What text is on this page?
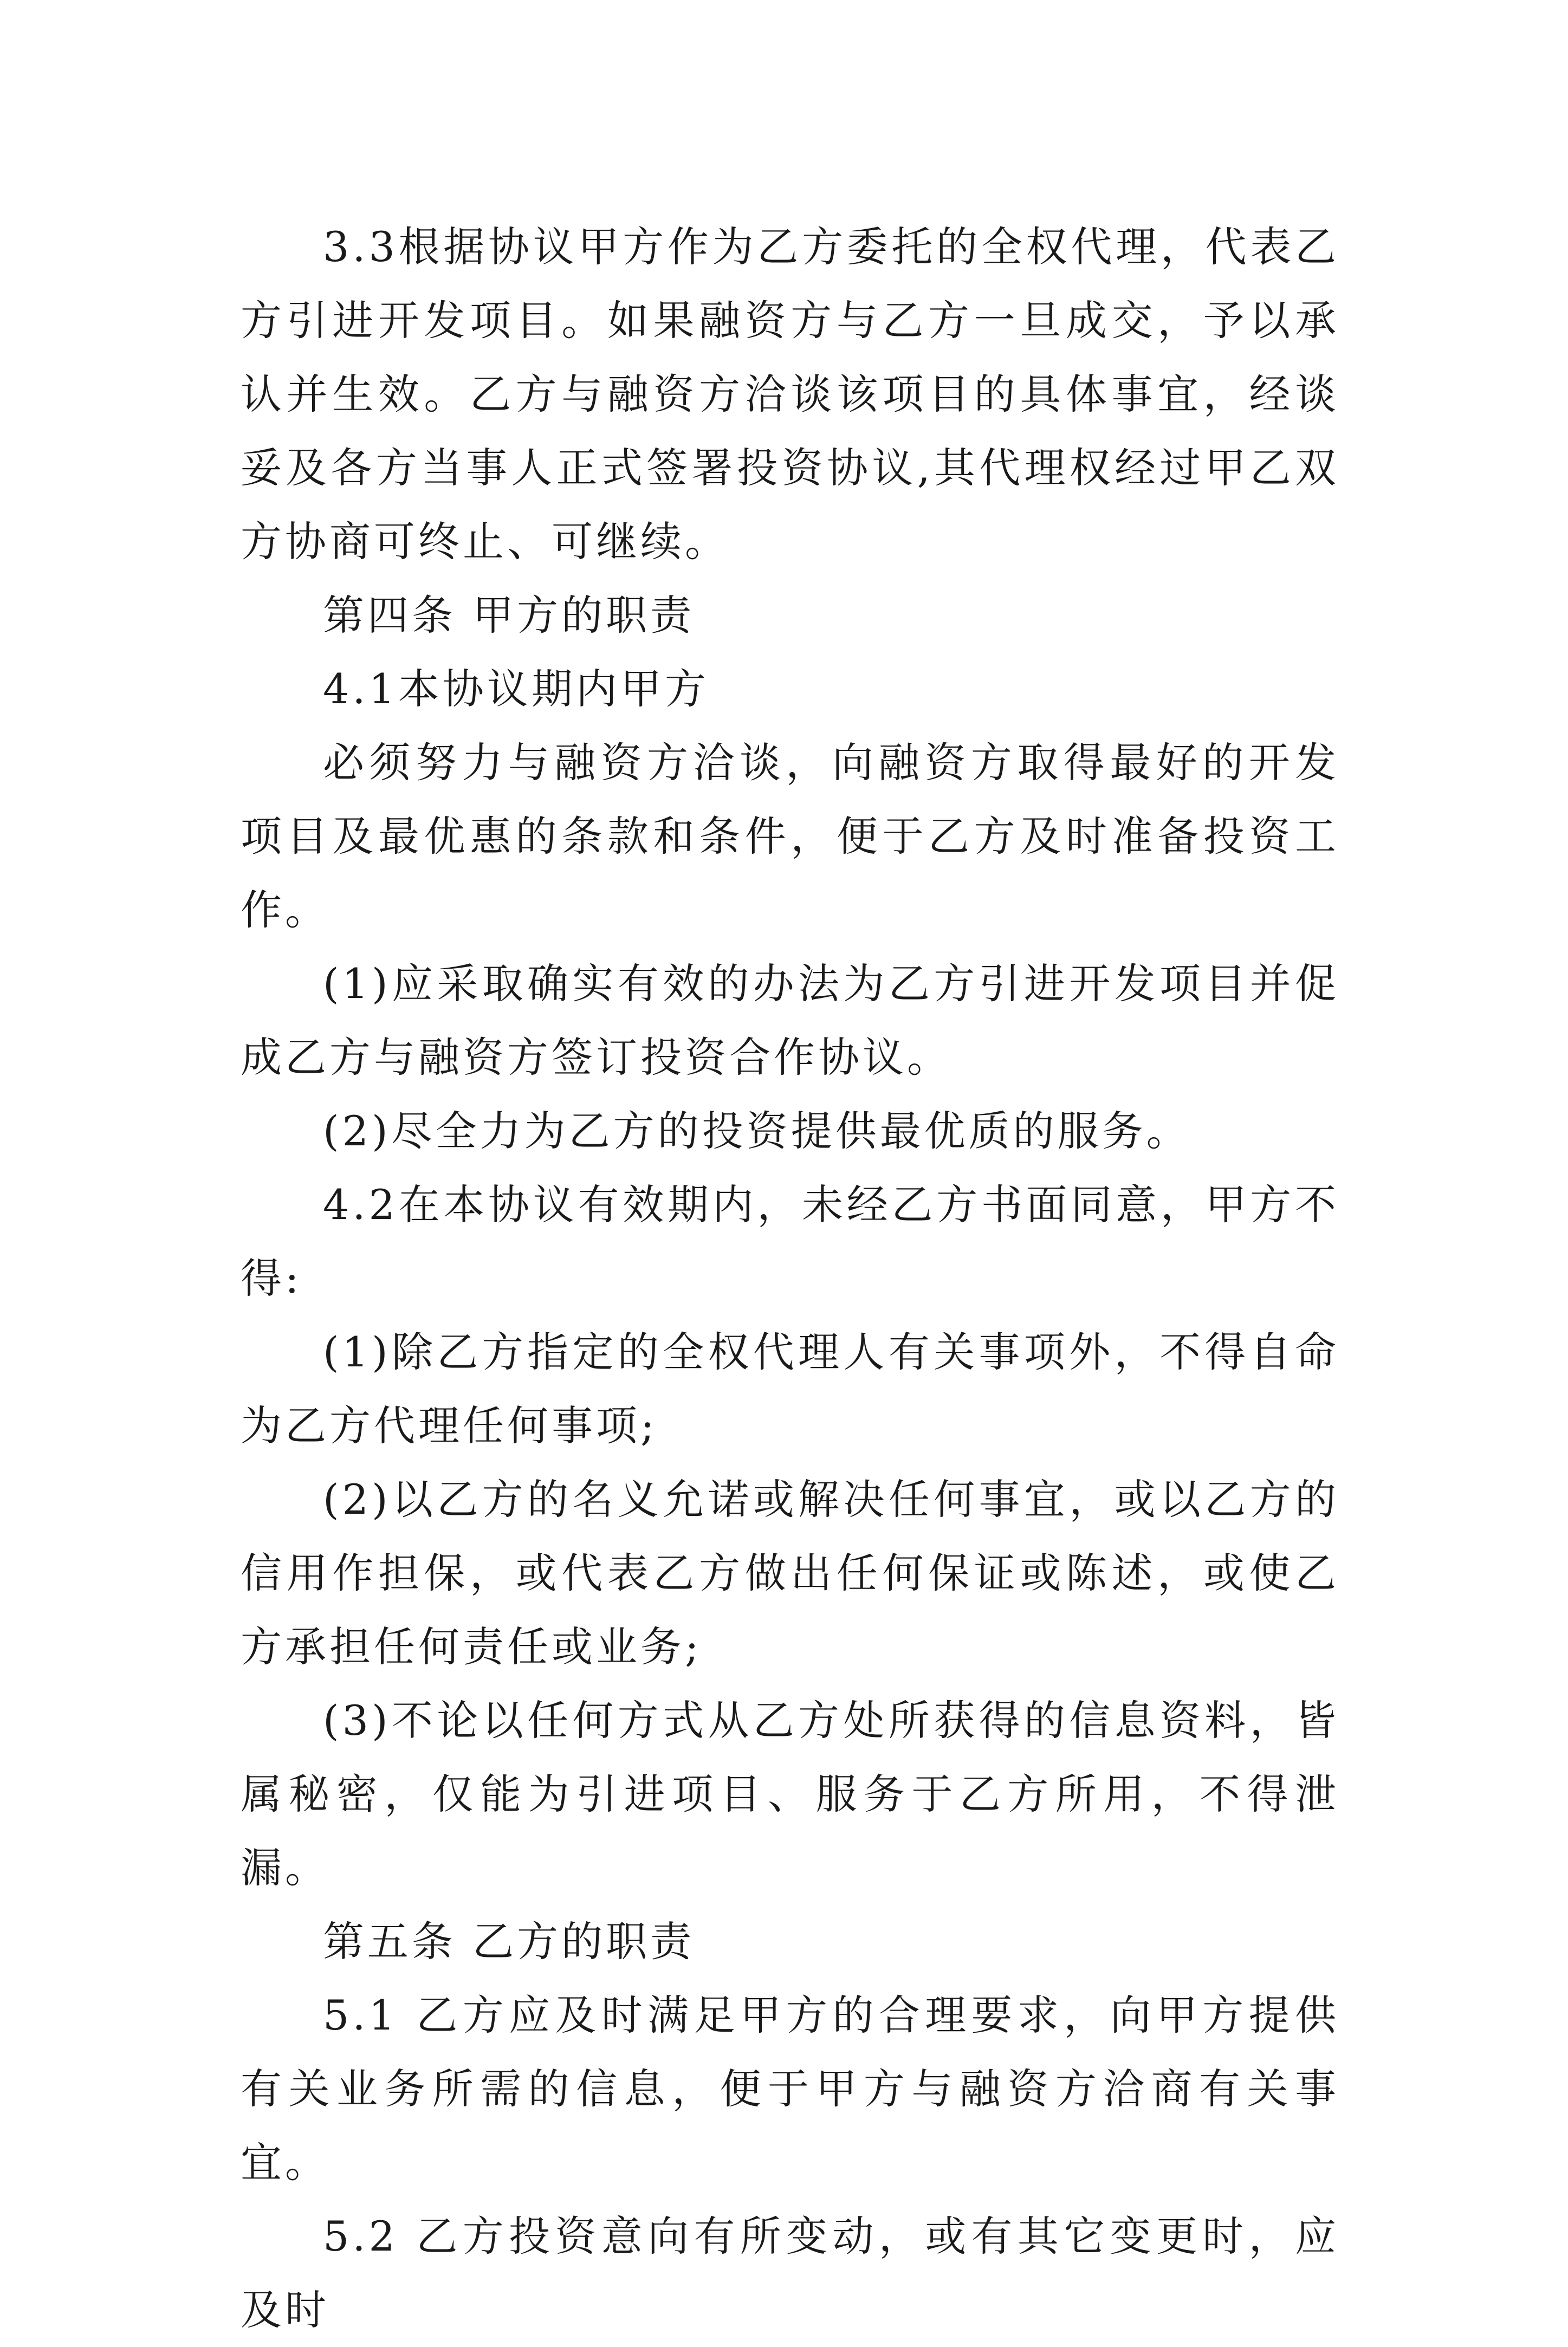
3.3根据协议甲方作为乙方委托的全权代理，代表乙方引进开发项目。如果融资方与乙方一旦成交，予以承认并生效。乙方与融资方洽谈该项目的具体事宜，经谈妥及各方当事人正式签署投资协议,其代理权经过甲乙双方协商可终止、可继续。

第四条 甲方的职责

4.1本协议期内甲方

必须努力与融资方洽谈，向融资方取得最好的开发项目及最优惠的条款和条件，便于乙方及时准备投资工作。

(1)应采取确实有效的办法为乙方引进开发项目并促成乙方与融资方签订投资合作协议。

(2)尽全力为乙方的投资提供最优质的服务。

4.2在本协议有效期内，未经乙方书面同意，甲方不得:

(1)除乙方指定的全权代理人有关事项外，不得自命为乙方代理任何事项;

(2)以乙方的名义允诺或解决任何事宜，或以乙方的信用作担保，或代表乙方做出任何保证或陈述，或使乙方承担任何责任或业务;

(3)不论以任何方式从乙方处所获得的信息资料，皆属秘密，仅能为引进项目、服务于乙方所用，不得泄漏。

第五条 乙方的职责

5.1 乙方应及时满足甲方的合理要求，向甲方提供有关业务所需的信息，便于甲方与融资方洽商有关事宜。

5.2 乙方投资意向有所变动，或有其它变更时，应及时
